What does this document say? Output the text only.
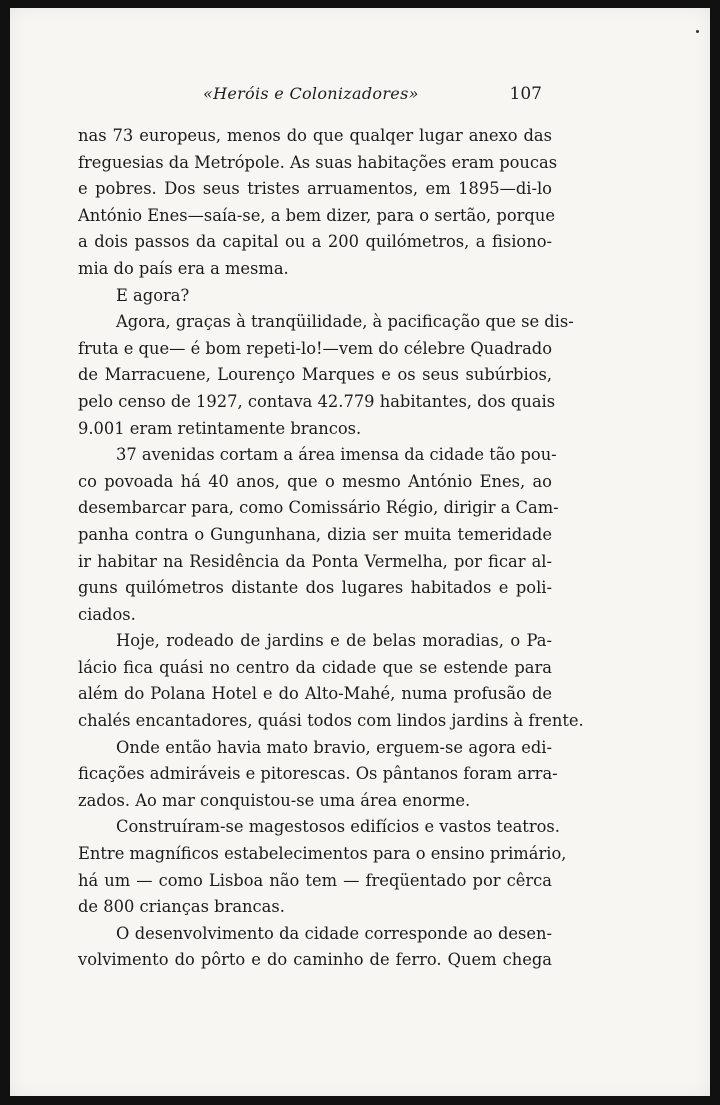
«Heróis e Colonizadores»	107
nas 73 europeus, menos do que qualqer lugar anexo das
freguesias da Metrópole. As suas habitações eram poucas
e pobres. Dos seus tristes arruamentos, em 1895—di-lo
António Enes—saía-se, a bem dizer, para o sertão, porque
a dois passos da capital ou a 200 quilómetros, a fisiono-
mia do país era a mesma.
E agora?
Agora, graças à tranqüilidade, à pacificação que se dis-
fruta e que— é bom repeti-lo!—vem do célebre Quadrado
de Marracuene, Lourenço Marques e os seus subúrbios,
pelo censo de 1927, contava 42.779 habitantes, dos quais
9.001 eram retintamente brancos.
37 avenidas cortam a área imensa da cidade tão pou-
co povoada há 40 anos, que o mesmo António Enes, ao
desembarcar para, como Comissário Régio, dirigir a Cam-
panha contra o Gungunhana, dizia ser muita temeridade
ir habitar na Residência da Ponta Vermelha, por ficar al-
guns quilómetros distante dos lugares habitados e poli-
ciados.
Hoje, rodeado de jardins e de belas moradias, o Pa-
lácio fica quási no centro da cidade que se estende para
além do Polana Hotel e do Alto-Mahé, numa profusão de
chalés encantadores, quási todos com lindos jardins à frente.
Onde então havia mato bravio, erguem-se agora edi-
ficações admiráveis e pitorescas. Os pântanos foram arra-
zados. Ao mar conquistou-se uma área enorme.
Construíram-se magestosos edifícios e vastos teatros.
Entre magníficos estabelecimentos para o ensino primário,
há um — como Lisboa não tem — freqüentado por cêrca
de 800 crianças brancas.
O desenvolvimento da cidade corresponde ao desen-
volvimento do pôrto e do caminho de ferro. Quem chega
